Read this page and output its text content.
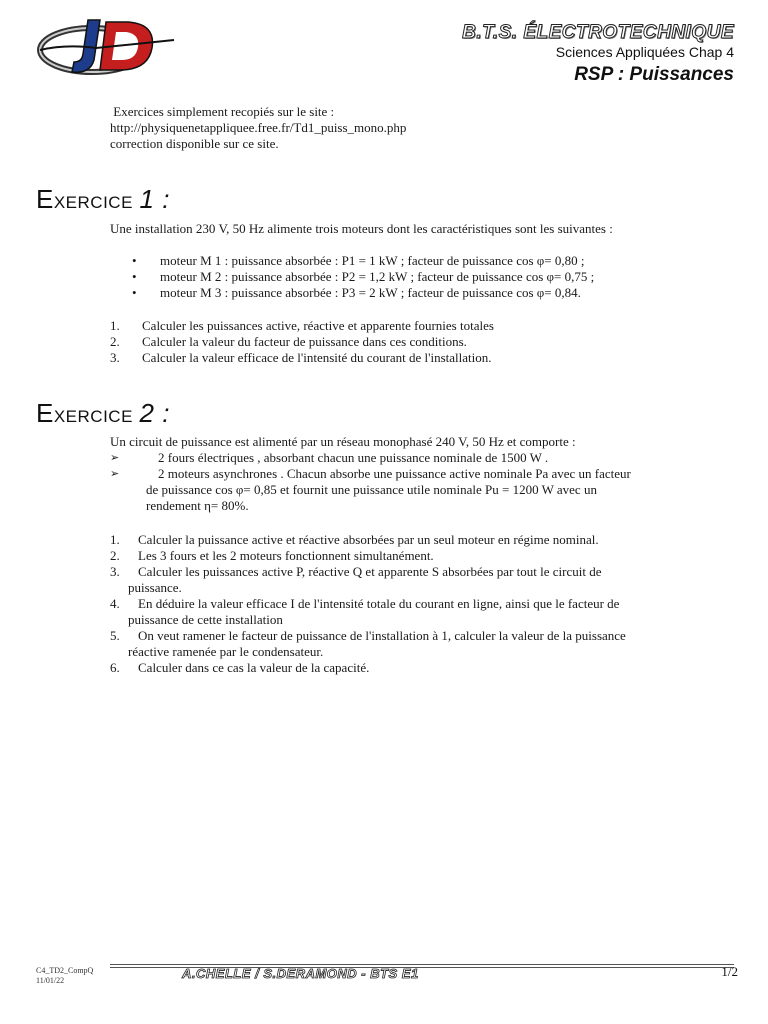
B.T.S. ÉLECTROTECHNIQUE
Sciences Appliquées Chap 4
RSP : Puissances
Exercices simplement recopiés sur le site :
http://physiquenetappliquee.free.fr/Td1_puiss_mono.php
correction disponible sur ce site.
EXERCICE 1 :
Une installation 230 V, 50 Hz alimente trois moteurs dont les caractéristiques sont les suivantes :
• moteur M 1 : puissance absorbée : P1 = 1 kW ; facteur de puissance cos φ= 0,80 ;
• moteur M 2 : puissance absorbée : P2 = 1,2 kW ; facteur de puissance cos φ= 0,75 ;
• moteur M 3 : puissance absorbée : P3 = 2 kW ; facteur de puissance cos φ= 0,84.
1. Calculer les puissances active, réactive et apparente fournies totales
2. Calculer la valeur du facteur de puissance dans ces conditions.
3. Calculer la valeur efficace de l'intensité du courant de l'installation.
EXERCICE 2 :
Un circuit de puissance est alimenté par un réseau monophasé 240 V, 50 Hz et comporte :
➢	2 fours électriques , absorbant chacun une puissance nominale de 1500 W .
➢	2 moteurs asynchrones . Chacun absorbe une puissance active nominale Pa avec un facteur
de puissance cos φ= 0,85 et fournit une puissance utile nominale Pu = 1200 W avec un
rendement η= 80%.
1. Calculer la puissance active et réactive absorbées par un seul moteur en régime nominal.
2. Les 3 fours et les 2 moteurs fonctionnent simultanément.
3. Calculer les puissances active P, réactive Q et apparente S absorbées par tout le circuit de
puissance.
4. En déduire la valeur efficace I de l'intensité totale du courant en ligne, ainsi que le facteur de
puissance de cette installation
5. On veut ramener le facteur de puissance de l'installation à 1, calculer la valeur de la puissance
réactive ramenée par le condensateur.
6. Calculer dans ce cas la valeur de la capacité.
C4_TD2_CompQ
11/01/22	A.CHELLE / S.DERAMOND - BTS E1	1/2
